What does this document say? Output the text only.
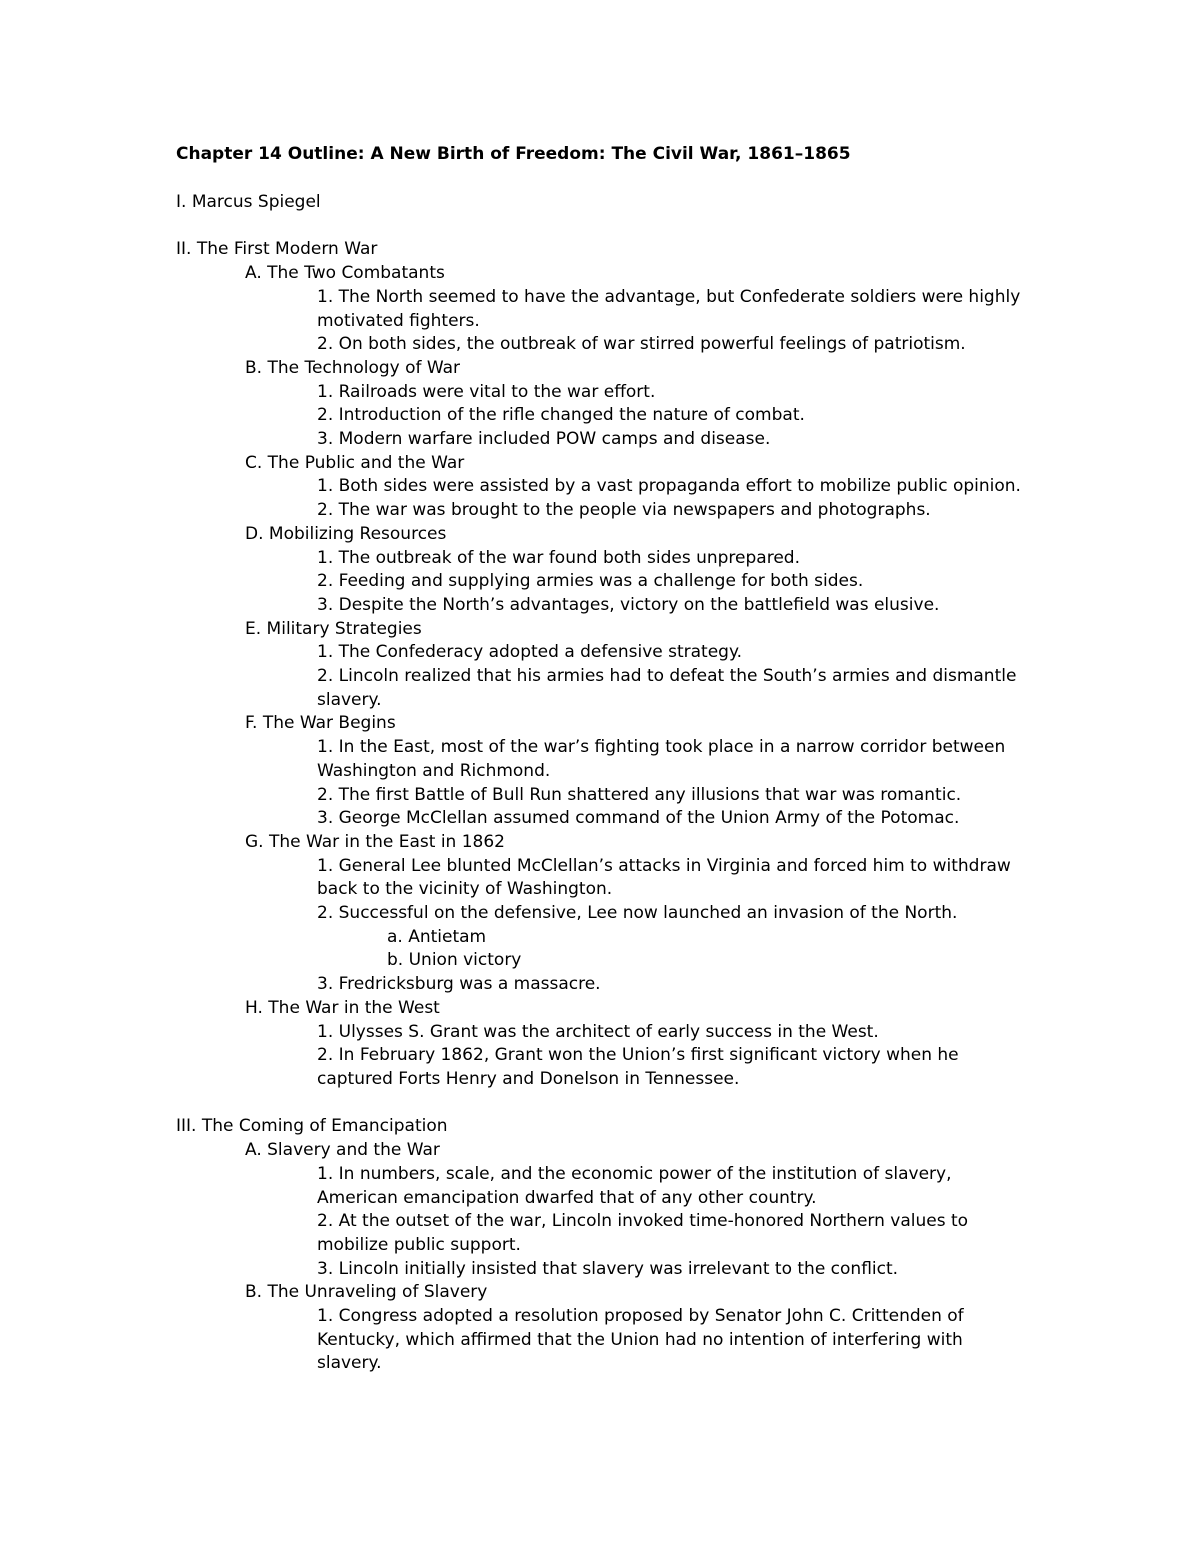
Chapter 14 Outline: A New Birth of Freedom: The Civil War, 1861–1865
I. Marcus Spiegel
II. The First Modern War
A. The Two Combatants
1. The North seemed to have the advantage, but Confederate soldiers were highly motivated fighters.
2. On both sides, the outbreak of war stirred powerful feelings of patriotism.
B. The Technology of War
1. Railroads were vital to the war effort.
2. Introduction of the rifle changed the nature of combat.
3. Modern warfare included POW camps and disease.
C. The Public and the War
1. Both sides were assisted by a vast propaganda effort to mobilize public opinion.
2. The war was brought to the people via newspapers and photographs.
D. Mobilizing Resources
1. The outbreak of the war found both sides unprepared.
2. Feeding and supplying armies was a challenge for both sides.
3. Despite the North’s advantages, victory on the battlefield was elusive.
E. Military Strategies
1. The Confederacy adopted a defensive strategy.
2. Lincoln realized that his armies had to defeat the South’s armies and dismantle slavery.
F. The War Begins
1. In the East, most of the war’s fighting took place in a narrow corridor between Washington and Richmond.
2. The first Battle of Bull Run shattered any illusions that war was romantic.
3. George McClellan assumed command of the Union Army of the Potomac.
G. The War in the East in 1862
1. General Lee blunted McClellan’s attacks in Virginia and forced him to withdraw back to the vicinity of Washington.
2. Successful on the defensive, Lee now launched an invasion of the North.
a. Antietam
b. Union victory
3. Fredricksburg was a massacre.
H. The War in the West
1. Ulysses S. Grant was the architect of early success in the West.
2. In February 1862, Grant won the Union’s first significant victory when he captured Forts Henry and Donelson in Tennessee.
III. The Coming of Emancipation
A. Slavery and the War
1. In numbers, scale, and the economic power of the institution of slavery, American emancipation dwarfed that of any other country.
2. At the outset of the war, Lincoln invoked time-honored Northern values to mobilize public support.
3. Lincoln initially insisted that slavery was irrelevant to the conflict.
B. The Unraveling of Slavery
1. Congress adopted a resolution proposed by Senator John C. Crittenden of Kentucky, which affirmed that the Union had no intention of interfering with slavery.
